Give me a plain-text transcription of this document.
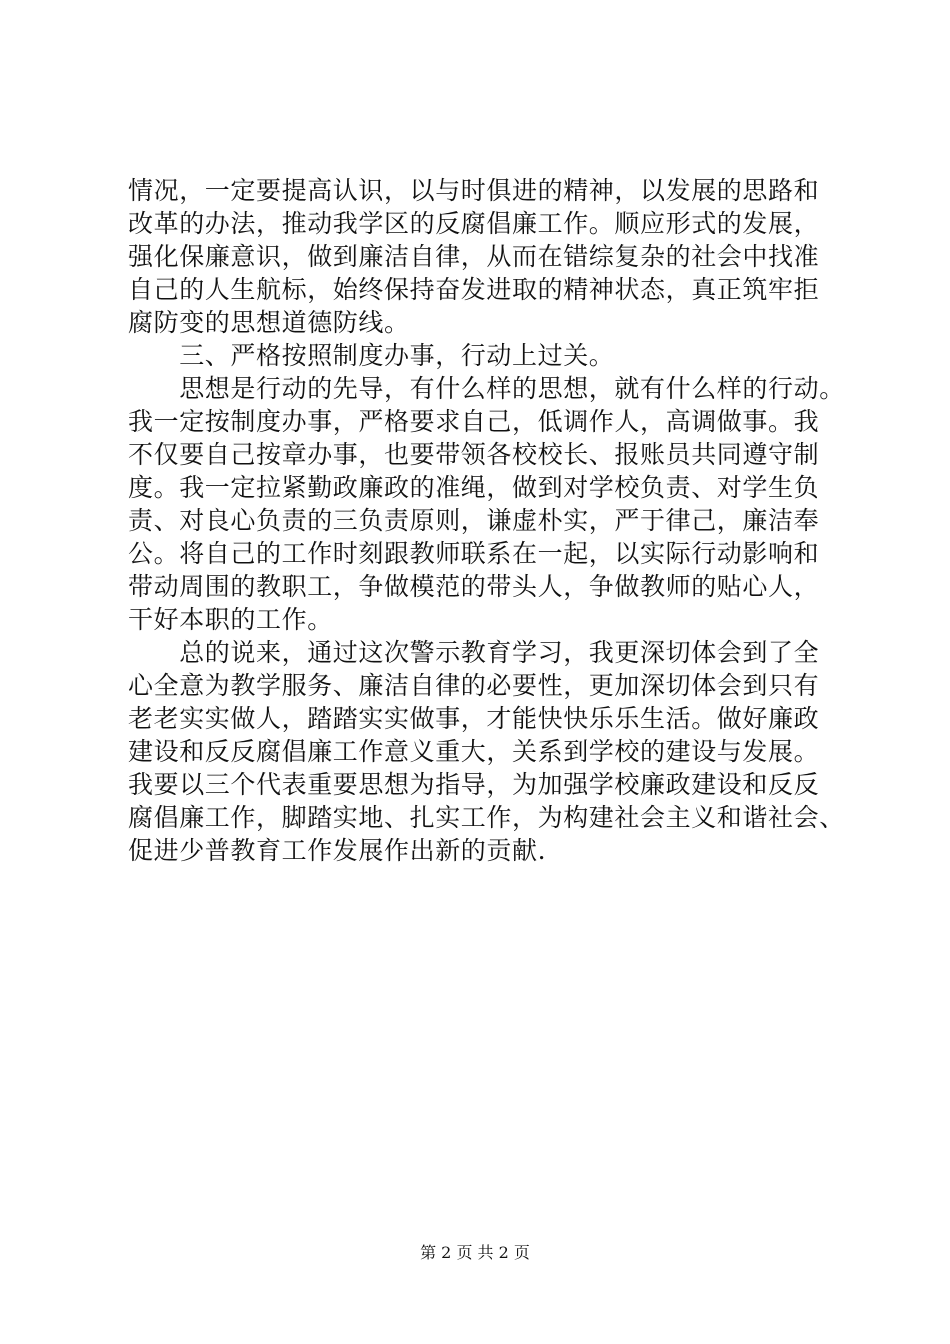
情况，一定要提高认识，以与时俱进的精神，以发展的思路和
改革的办法，推动我学区的反腐倡廉工作。顺应形式的发展，
强化保廉意识，做到廉洁自律，从而在错综复杂的社会中找准
自己的人生航标，始终保持奋发进取的精神状态，真正筑牢拒
腐防变的思想道德防线。
　　三、严格按照制度办事，行动上过关。
　　思想是行动的先导，有什么样的思想，就有什么样的行动。
我一定按制度办事，严格要求自己，低调作人，高调做事。我
不仅要自己按章办事，也要带领各校校长、报账员共同遵守制
度。我一定拉紧勤政廉政的准绳，做到对学校负责、对学生负
责、对良心负责的三负责原则，谦虚朴实，严于律己，廉洁奉
公。将自己的工作时刻跟教师联系在一起，以实际行动影响和
带动周围的教职工，争做模范的带头人，争做教师的贴心人，
干好本职的工作。
　　总的说来，通过这次警示教育学习，我更深切体会到了全
心全意为教学服务、廉洁自律的必要性，更加深切体会到只有
老老实实做人，踏踏实实做事，才能快快乐乐生活。做好廉政
建设和反反腐倡廉工作意义重大，关系到学校的建设与发展。
我要以三个代表重要思想为指导，为加强学校廉政建设和反反
腐倡廉工作，脚踏实地、扎实工作，为构建社会主义和谐社会、
促进少普教育工作发展作出新的贡献.
第 2 页 共 2 页
